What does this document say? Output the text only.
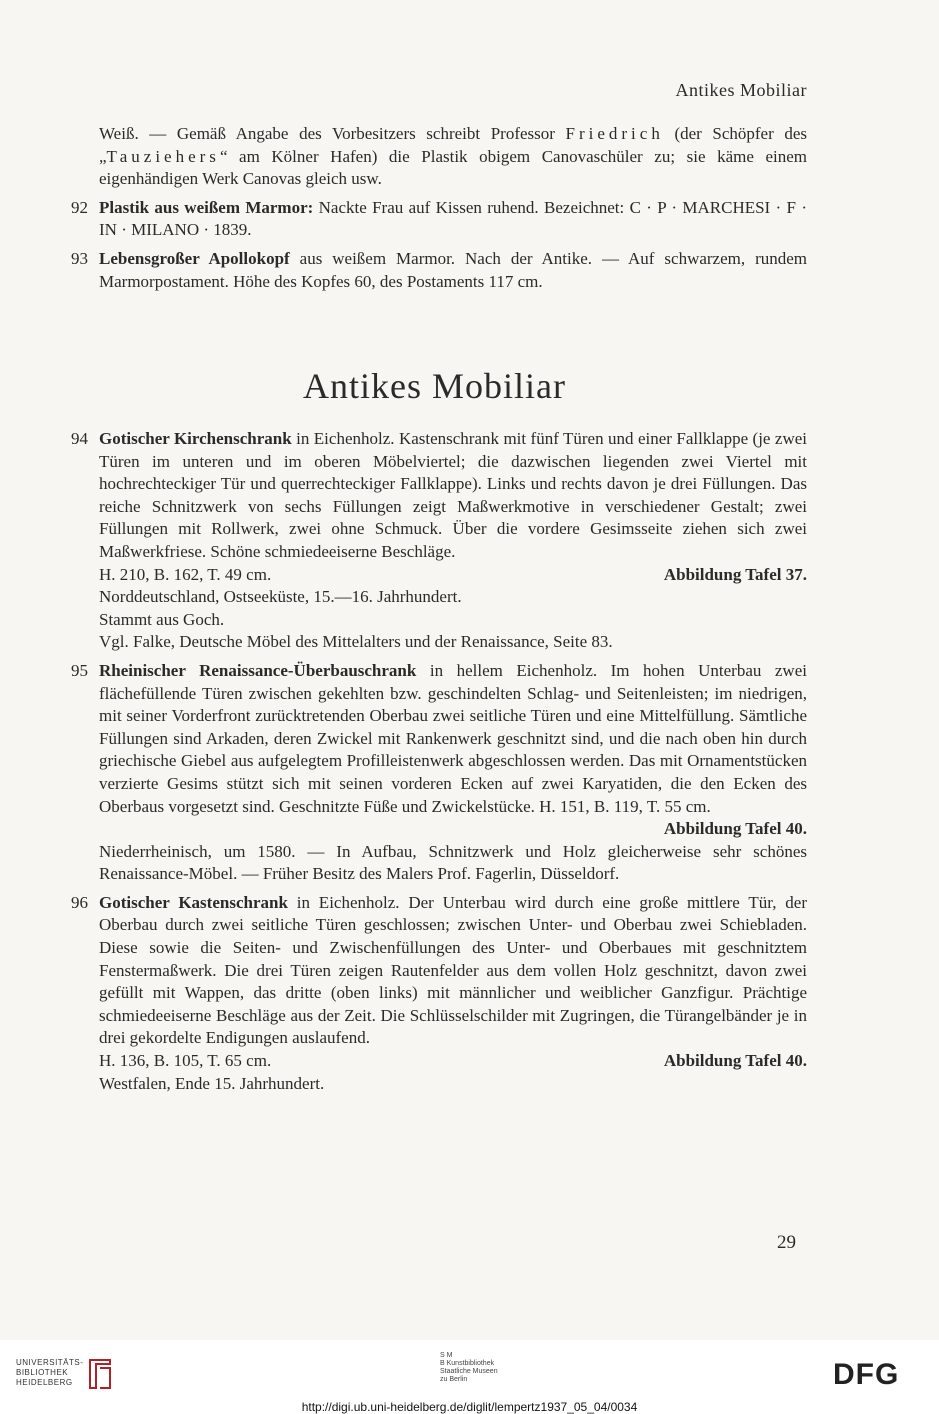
Antikes Mobiliar

Weiß. — Gemäß Angabe des Vorbesitzers schreibt Professor Friedrich (der Schöpfer des „Tauziehers“ am Kölner Hafen) die Plastik obigem Canovaschüler zu; sie käme einem eigenhändigen Werk Canovas gleich usw.

92 Plastik aus weißem Marmor: Nackte Frau auf Kissen ruhend. Bezeichnet: C · P · MARCHESI · F · IN · MILANO · 1839.
93 Lebensgroßer Apollokopf aus weißem Marmor. Nach der Antike. — Auf schwarzem, rundem Marmorpostament. Höhe des Kopfes 60, des Postaments 117 cm.
Antikes Mobiliar
94 Gotischer Kirchenschrank in Eichenholz. Kastenschrank mit fünf Türen und einer Fallklappe (je zwei Türen im unteren und im oberen Möbelviertel; die dazwischen liegenden zwei Viertel mit hochrechteckiger Tür und querrechteckiger Fallklappe). Links und rechts davon je drei Füllungen. Das reiche Schnitzwerk von sechs Füllungen zeigt Maßwerkmotive in verschiedener Gestalt; zwei Füllungen mit Rollwerk, zwei ohne Schmuck. Über die vordere Gesimsseite ziehen sich zwei Maßwerkfriese. Schöne schmiedeeiserne Beschläge.
H. 210, B. 162, T. 49 cm.	Abbildung Tafel 37.
Norddeutschland, Ostseeküste, 15.—16. Jahrhundert.
Stammt aus Goch.
Vgl. Falke, Deutsche Möbel des Mittelalters und der Renaissance, Seite 83.
95 Rheinischer Renaissance-Überbauschrank in hellem Eichenholz. Im hohen Unterbau zwei flächefüllende Türen zwischen gekehlten bzw. geschindelten Schlag- und Seitenleisten; im niedrigen, mit seiner Vorderfront zurücktretenden Oberbau zwei seitliche Türen und eine Mittelfüllung. Sämtliche Füllungen sind Arkaden, deren Zwickel mit Rankenwerk geschnitzt sind, und die nach oben hin durch griechische Giebel aus aufgelegtem Profilleistenwerk abgeschlossen werden. Das mit Ornamentstücken verzierte Gesims stützt sich mit seinen vorderen Ecken auf zwei Karyatiden, die den Ecken des Oberbaus vorgesetzt sind. Geschnitzte Füße und Zwickelstücke. H. 151, B. 119, T. 55 cm.
Abbildung Tafel 40.
Niederrheinisch, um 1580. — In Aufbau, Schnitzwerk und Holz gleicherweise sehr schönes Renaissance-Möbel. — Früher Besitz des Malers Prof. Fagerlin, Düsseldorf.
96 Gotischer Kastenschrank in Eichenholz. Der Unterbau wird durch eine große mittlere Tür, der Oberbau durch zwei seitliche Türen geschlossen; zwischen Unter- und Oberbau zwei Schiebladen. Diese sowie die Seiten- und Zwischenfüllungen des Unter- und Oberbaues mit geschnitztem Fenstermaßwerk. Die drei Türen zeigen Rautenfelder aus dem vollen Holz geschnitzt, davon zwei gefüllt mit Wappen, das dritte (oben links) mit männlicher und weiblicher Ganzfigur. Prächtige schmiedeeiserne Beschläge aus der Zeit. Die Schlüsselschilder mit Zugringen, die Türangelbänder je in drei gekordelte Endigungen auslaufend.
H. 136, B. 105, T. 65 cm.	Abbildung Tafel 40.
Westfalen, Ende 15. Jahrhundert.
29
UNIVERSITÄTS-
BIBLIOTHEK
HEIDELBERG
S M
B Kunstbibliothek
Staatliche Museen
zu Berlin	DFG
http://digi.ub.uni-heidelberg.de/diglit/lempertz1937_05_04/0034
